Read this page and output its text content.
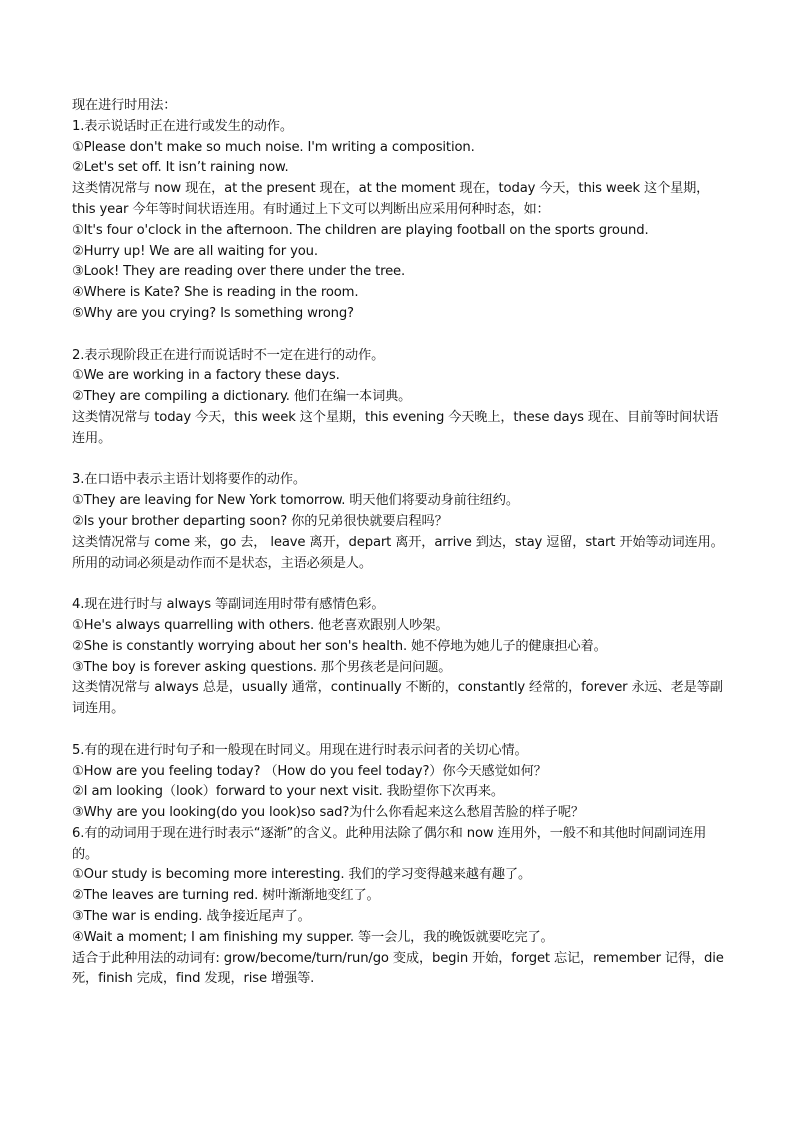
现在进行时用法：

1.表示说话时正在进行或发生的动作。

①Please don't make so much noise. I'm writing a composition.

②Let's set off. It isn’t raining now.

这类情况常与 now 现在，at the present 现在，at the moment 现在，today 今天，this week 这个星期，this year 今年等时间状语连用。有时通过上下文可以判断出应采用何种时态，如：

①It's four o'clock in the afternoon. The children are playing football on the sports ground.

②Hurry up! We are all waiting for you.

③Look! They are reading over there under the tree.

④Where is Kate? She is reading in the room.

⑤Why are you crying? Is something wrong?

2.表示现阶段正在进行而说话时不一定在进行的动作。

①We are working in a factory these days.

②They are compiling a dictionary. 他们在编一本词典。

这类情况常与 today 今天，this week 这个星期，this evening 今天晚上，these days 现在、目前等时间状语连用。

3.在口语中表示主语计划将要作的动作。

①They are leaving for New York tomorrow. 明天他们将要动身前往纽约。

②Is your brother departing soon? 你的兄弟很快就要启程吗？

这类情况常与 come 来，go 去， leave 离开，depart 离开，arrive 到达，stay 逗留，start 开始等动词连用。所用的动词必须是动作而不是状态，主语必须是人。

4.现在进行时与 always 等副词连用时带有感情色彩。

①He's always quarrelling with others. 他老喜欢跟别人吵架。

②She is constantly worrying about her son's health. 她不停地为她儿子的健康担心着。

③The boy is forever asking questions. 那个男孩老是问问题。

这类情况常与 always 总是，usually 通常，continually 不断的，constantly 经常的，forever 永远、老是等副词连用。

5.有的现在进行时句子和一般现在时同义。用现在进行时表示问者的关切心情。

①How are you feeling today? （How do you feel today?）你今天感觉如何？

②I am looking（look）forward to your next visit. 我盼望你下次再来。

③Why are you looking(do you look)so sad?为什么你看起来这么愁眉苦脸的样子呢？

6.有的动词用于现在进行时表示“逐渐”的含义。此种用法除了偶尔和 now 连用外，一般不和其他时间副词连用的。

①Our study is becoming more interesting. 我们的学习变得越来越有趣了。

②The leaves are turning red. 树叶渐渐地变红了。

③The war is ending. 战争接近尾声了。

④Wait a moment; I am finishing my supper. 等一会儿，我的晚饭就要吃完了。

适合于此种用法的动词有: grow/become/turn/run/go 变成，begin 开始，forget 忘记，remember 记得，die 死，finish 完成，find 发现，rise 增强等.
